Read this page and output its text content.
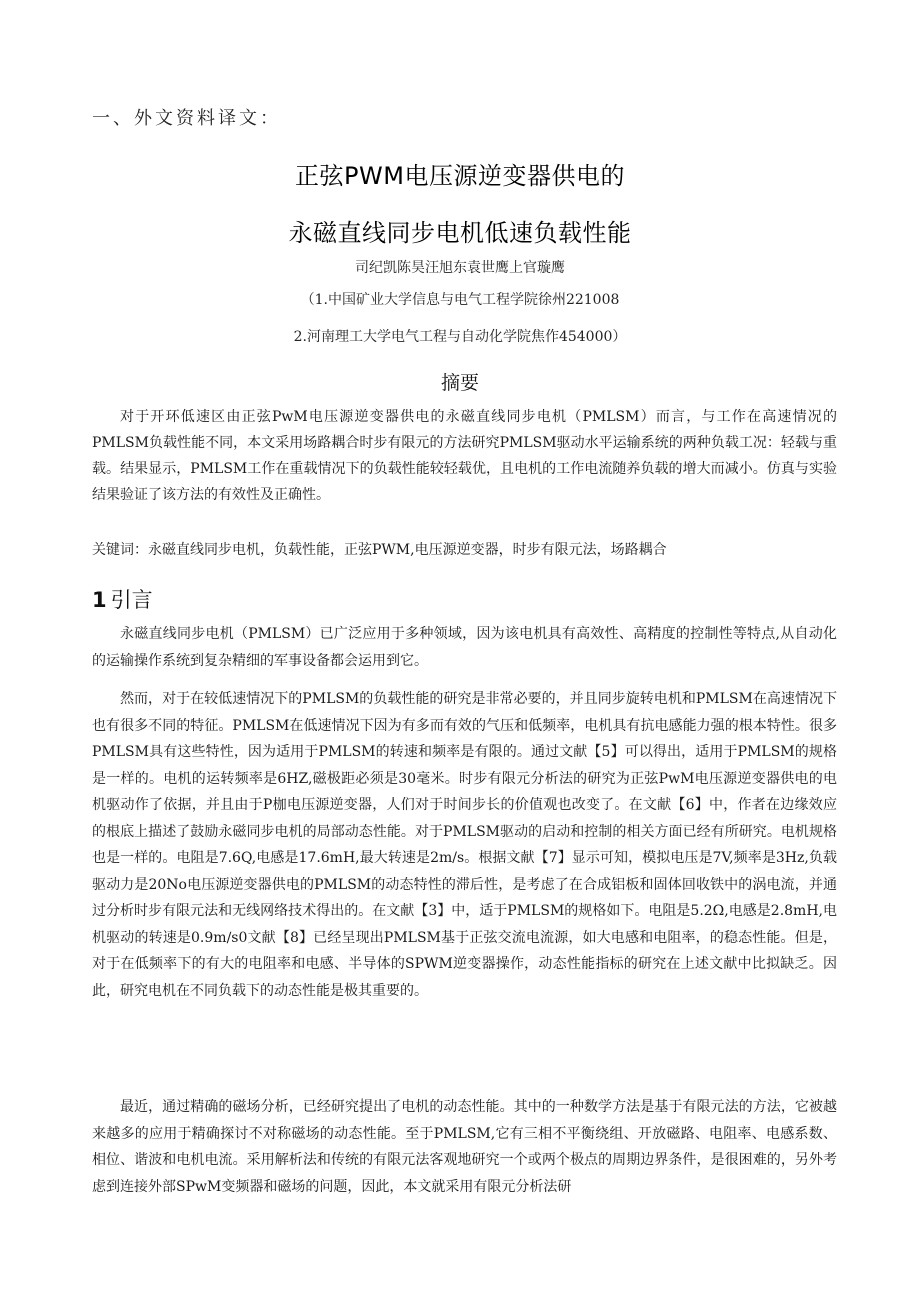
一、外文资料译文：
正弦PWM电压源逆变器供电的
永磁直线同步电机低速负载性能
司纪凯陈昊汪旭东袁世鹰上官璇鹰
（1.中国矿业大学信息与电气工程学院徐州221008
2.河南理工大学电气工程与自动化学院焦作454000）
摘要

对于开环低速区由正弦PwM电压源逆变器供电的永磁直线同步电机（PMLSM）而言，与工作在高速情况的PMLSM负载性能不同，本文采用场路耦合时步有限元的方法研究PMLSM驱动水平运输系统的两种负载工况：轻载与重载。结果显示，PMLSM工作在重载情况下的负载性能较轻载优，且电机的工作电流随养负载的增大而减小。仿真与实验结果验证了该方法的有效性及正确性。

关键词：永磁直线同步电机，负载性能，正弦PWM,电压源逆变器，时步有限元法，场路耦合
1 引言

永磁直线同步电机（PMLSM）已广泛应用于多种领域，因为该电机具有高效性、高精度的控制性等特点,从自动化的运输操作系统到复杂精细的军事设备都会运用到它。

然而，对于在较低速情况下的PMLSM的负载性能的研究是非常必要的，并且同步旋转电机和PMLSM在高速情况下也有很多不同的特征。PMLSM在低速情况下因为有多而有效的气压和低频率，电机具有抗电感能力强的根本特性。很多PMLSM具有这些特性，因为适用于PMLSM的转速和频率是有限的。通过文献【5】可以得出，适用于PMLSM的规格是一样的。电机的运转频率是6HZ,磁极距必须是30毫米。时步有限元分析法的研究为正弦PwM电压源逆变器供电的电机驱动作了依据，并且由于P枷电压源逆变器，人们对于时间步长的价值观也改变了。在文献【6】中，作者在边缘效应的根底上描述了鼓励永磁同步电机的局部动态性能。对于PMLSM驱动的启动和控制的相关方面已经有所研究。电机规格也是一样的。电阻是7.6Q,电感是17.6mH,最大转速是2m/s。根据文献【7】显示可知，模拟电压是7V,频率是3Hz,负载驱动力是20No电压源逆变器供电的PMLSM的动态特性的滞后性，是考虑了在合成铝板和固体回收铁中的涡电流，并通过分析时步有限元法和无线网络技术得出的。在文献【3】中，适于PMLSM的规格如下。电阻是5.2Ω,电感是2.8mH,电机驱动的转速是0.9m∕s0文献【8】已经呈现出PMLSM基于正弦交流电流源，如大电感和电阻率，的稳态性能。但是，对于在低频率下的有大的电阻率和电感、半导体的SPWM逆变器操作，动态性能指标的研究在上述文献中比拟缺乏。因此，研究电机在不同负载下的动态性能是极其重要的。

最近，通过精确的磁场分析，已经研究提出了电机的动态性能。其中的一种数学方法是基于有限元法的方法，它被越来越多的应用于精确探讨不对称磁场的动态性能。至于PMLSM,它有三相不平衡绕组、开放磁路、电阻率、电感系数、相位、谐波和电机电流。采用解析法和传统的有限元法客观地研究一个或两个极点的周期边界条件，是很困难的，另外考虑到连接外部SPwM变频器和磁场的问题，因此，本文就采用有限元分析法研
